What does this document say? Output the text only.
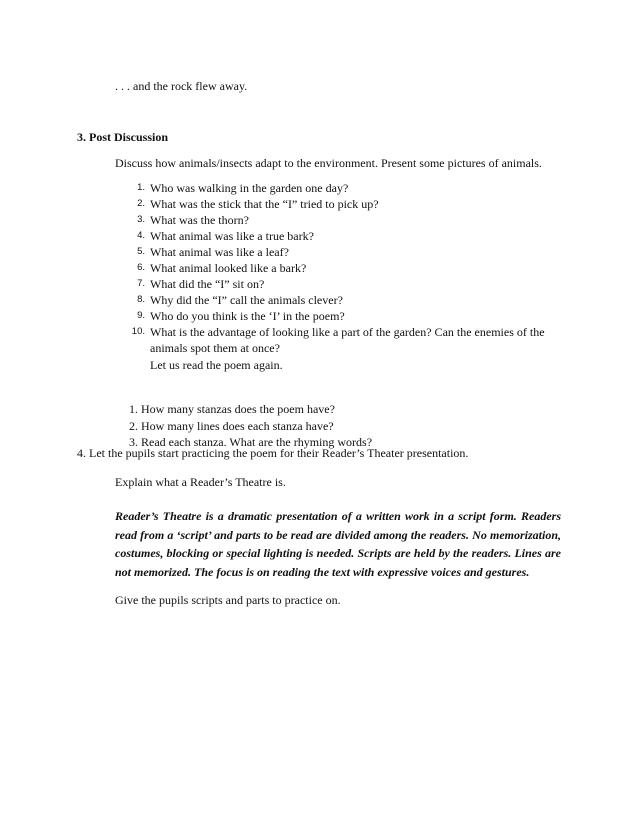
. . . and the rock flew away.
3. Post Discussion
Discuss how animals/insects adapt to the environment. Present some pictures of animals.
1. Who was walking in the garden one day?
2. What was the stick that the “I” tried to pick up?
3. What was the thorn?
4. What animal was like a true bark?
5. What animal was like a leaf?
6. What animal looked like a bark?
7. What did the “I” sit on?
8. Why did the “I” call the animals clever?
9. Who do you think is the ‘I’ in the poem?
10. What is the advantage of looking like a part of the garden? Can the enemies of the animals spot them at once?
Let us read the poem again.
1. How many stanzas does the poem have?
2. How many lines does each stanza have?
3. Read each stanza. What are the rhyming words?
4. Let the pupils start practicing the poem for their Reader’s Theater presentation.
Explain what a Reader’s Theatre is.

Reader’s Theatre is a dramatic presentation of a written work in a script form. Readers read from a ‘script’ and parts to be read are divided among the readers. No memorization, costumes, blocking or special lighting is needed. Scripts are held by the readers. Lines are not memorized. The focus is on reading the text with expressive voices and gestures.

Give the pupils scripts and parts to practice on.
